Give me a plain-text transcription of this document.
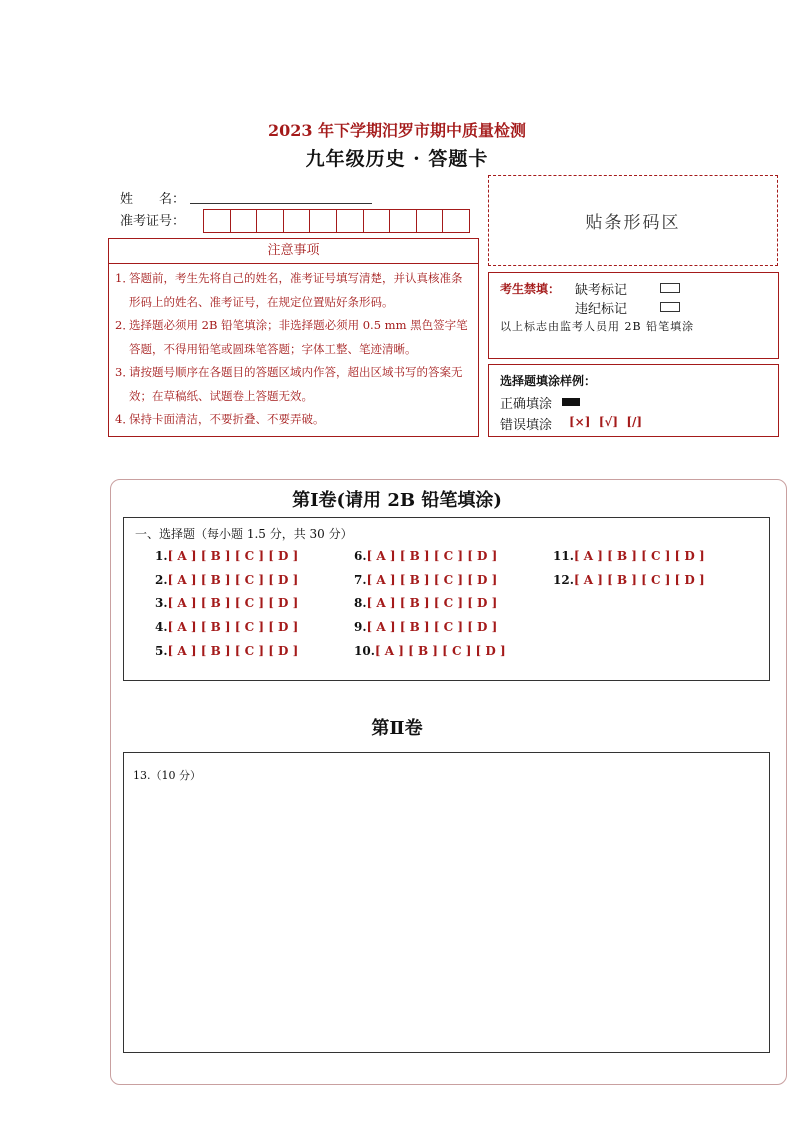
2023 年下学期汨罗市期中质量检测
九年级历史 · 答题卡
姓　　名：
准考证号：	贴条形码区
注意事项
1．
答题前，考生先将自己的姓名，准考证号填写清楚，并认真核准条形码上的姓名、准考证号，在规定位置贴好条形码。
2．
选择题必须用 2B 铅笔填涂；非选择题必须用 0.5 mm 黑色签字笔答题，不得用铅笔或圆珠笔答题；字体工整、笔迹清晰。
3．
请按题号顺序在各题目的答题区域内作答，超出区域书写的答案无效；在草稿纸、试题卷上答题无效。
4．
保持卡面清洁，不要折叠、不要弄破。
考生禁填： 缺考标记
违纪标记
以上标志由监考人员用 2B 铅笔填涂
选择题填涂样例：
正确填涂
错误填涂 [×]  [√]  [/]
第Ⅰ卷(请用 2B 铅笔填涂)
一、选择题（每小题 1.5 分，共 30 分）
1.[ A ] [ B ] [ C ] [ D ]
2.[ A ] [ B ] [ C ] [ D ]
3.[ A ] [ B ] [ C ] [ D ]
4.[ A ] [ B ] [ C ] [ D ]
5.[ A ] [ B ] [ C ] [ D ]
6.[ A ] [ B ] [ C ] [ D ]
7.[ A ] [ B ] [ C ] [ D ]
8.[ A ] [ B ] [ C ] [ D ]
9.[ A ] [ B ] [ C ] [ D ]
10.[ A ] [ B ] [ C ] [ D ]
11.[ A ] [ B ] [ C ] [ D ]
12.[ A ] [ B ] [ C ] [ D ]
第Ⅱ卷
13.（10 分）
